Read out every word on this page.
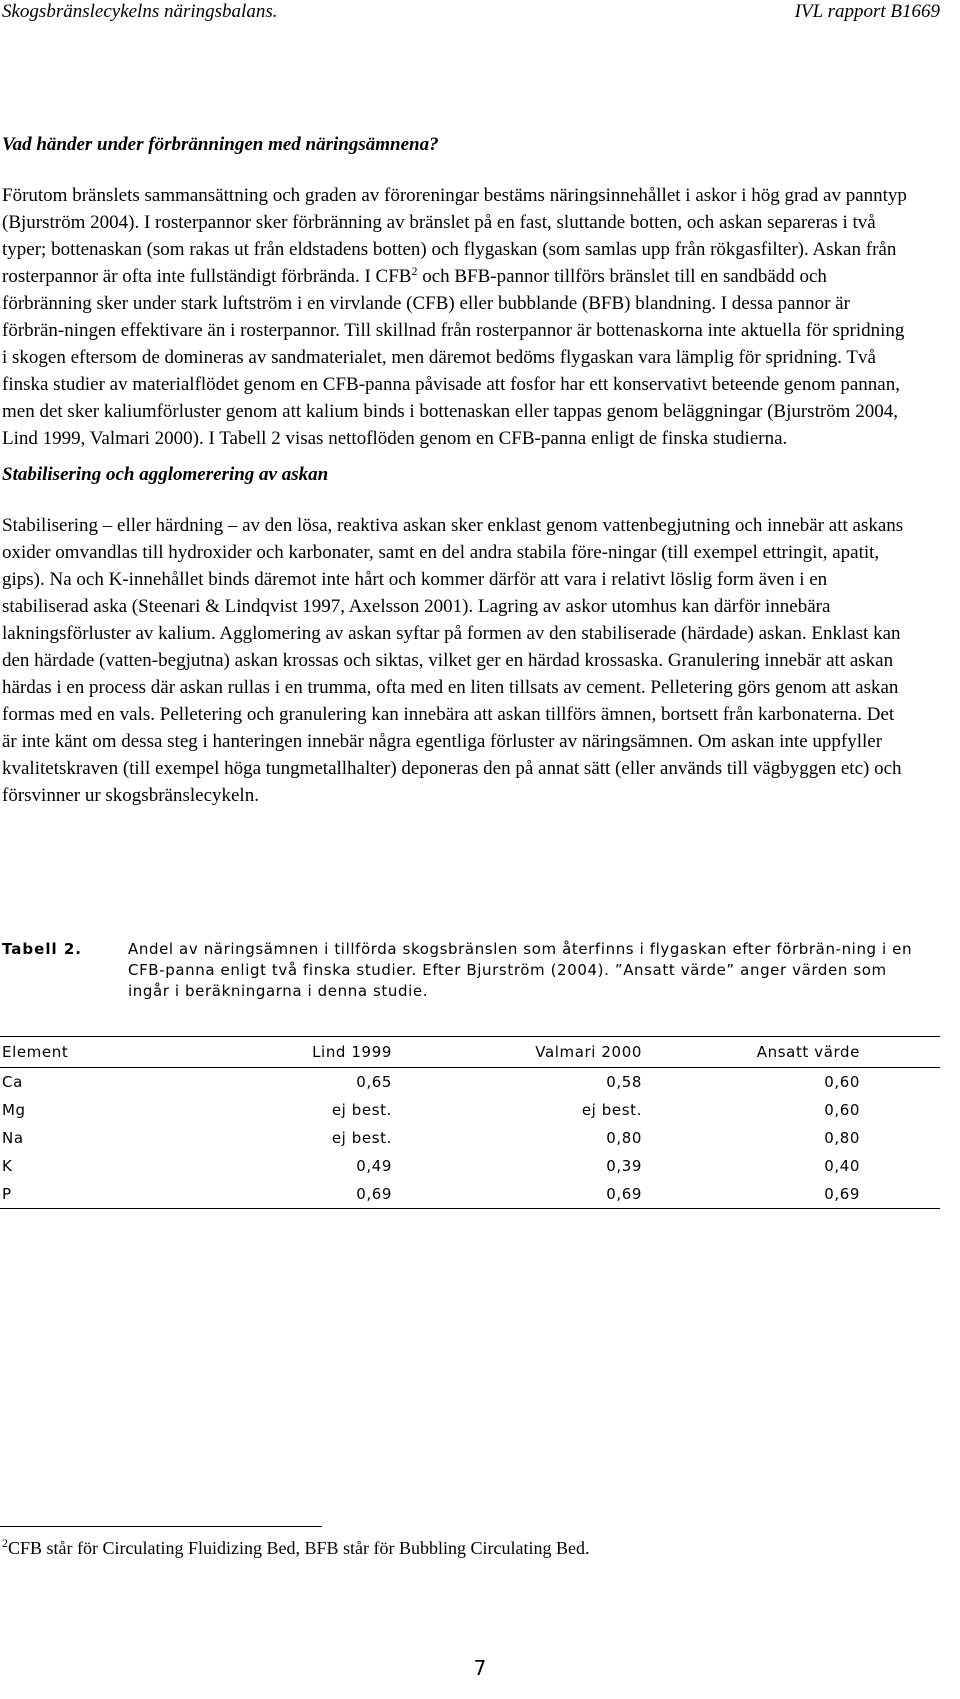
Skogsbränslecykelns näringsbalans.	IVL rapport B1669
Vad händer under förbränningen med näringsämnena?

Förutom bränslets sammansättning och graden av föroreningar bestäms näringsinnehållet i askor i hög grad av panntyp (Bjurström 2004). I rosterpannor sker förbränning av bränslet på en fast, sluttande botten, och askan separeras i två typer; bottenaskan (som rakas ut från eldstadens botten) och flygaskan (som samlas upp från rökgasfilter). Askan från rosterpannor är ofta inte fullständigt förbrända. I CFB$^2$ och BFB-pannor tillförs bränslet till en sandbädd och förbränning sker under stark luftström i en virvlande (CFB) eller bubblande (BFB) blandning. I dessa pannor är förbrän-ningen effektivare än i rosterpannor. Till skillnad från rosterpannor är bottenaskorna inte aktuella för spridning i skogen eftersom de domineras av sandmaterialet, men däremot bedöms flygaskan vara lämplig för spridning. Två finska studier av materialflödet genom en CFB-panna påvisade att fosfor har ett konservativt beteende genom pannan, men det sker kaliumförluster genom att kalium binds i bottenaskan eller tappas genom beläggningar (Bjurström 2004, Lind 1999, Valmari 2000). I Tabell 2 visas nettoflöden genom en CFB-panna enligt de finska studierna.

Stabilisering och agglomerering av askan

Stabilisering – eller härdning – av den lösa, reaktiva askan sker enklast genom vattenbegjutning och innebär att askans oxider omvandlas till hydroxider och karbonater, samt en del andra stabila före-ningar (till exempel ettringit, apatit, gips). Na och K-innehållet binds däremot inte hårt och kommer därför att vara i relativt löslig form även i en stabiliserad aska (Steenari & Lindqvist 1997, Axelsson 2001). Lagring av askor utomhus kan därför innebära lakningsförluster av kalium. Agglomering av askan syftar på formen av den stabiliserade (härdade) askan. Enklast kan den härdade (vatten-begjutna) askan krossas och siktas, vilket ger en härdad krossaska. Granulering innebär att askan härdas i en process där askan rullas i en trumma, ofta med en liten tillsats av cement. Pelletering görs genom att askan formas med en vals. Pelletering och granulering kan innebära att askan tillförs ämnen, bortsett från karbonaterna. Det är inte känt om dessa steg i hanteringen innebär några egentliga förluster av näringsämnen. Om askan inte uppfyller kvalitetskraven (till exempel höga tungmetallhalter) deponeras den på annat sätt (eller används till vägbyggen etc) och försvinner ur skogsbränslecykeln.

Tabell 2.	Andel av näringsämnen i tillförda skogsbränslen som återfinns i flygaskan efter förbrän-ning i en CFB-panna enligt två finska studier. Efter Bjurström (2004). ”Ansatt värde” anger värden som ingår i beräkningarna i denna studie.
Element	Lind 1999	Valmari 2000	Ansatt värde
Ca	0,65	0,58	0,60
Mg	ej best.	ej best.	0,60
Na	ej best.	0,80	0,80
K	0,49	0,39	0,40
P	0,69	0,69	0,69
$^2$CFB står för Circulating Fluidizing Bed, BFB står för Bubbling Circulating Bed.
7
